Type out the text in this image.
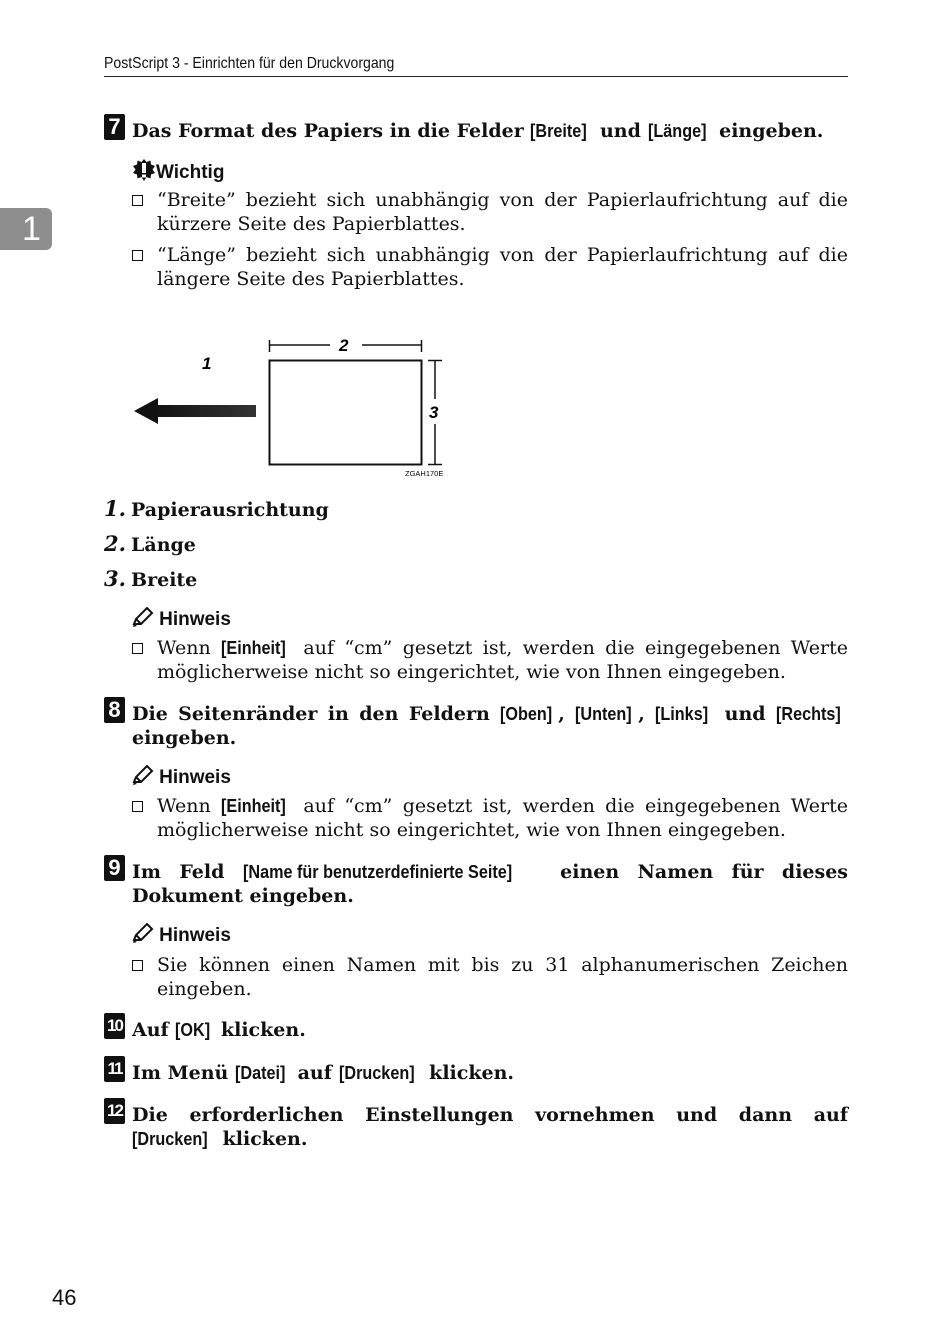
PostScript 3 - Einrichten für den Druckvorgang
1
7 Das Format des Papiers in die Felder [Breite] und [Länge] eingeben.
Wichtig
“Breite” bezieht sich unabhängig von der Papierlaufrichtung auf die kürzere Seite des Papierblattes.
“Länge” bezieht sich unabhängig von der Papierlaufrichtung auf die längere Seite des Papierblattes.
1
2
3
ZGAH170E
1. Papierausrichtung
2. Länge
3. Breite
Hinweis
Wenn [Einheit] auf “cm” gesetzt ist, werden die eingegebenen Werte möglicherweise nicht so eingerichtet, wie von Ihnen eingegeben.
8 Die Seitenränder in den Feldern [Oben] , [Unten] , [Links] und [Rechts] eingeben.
Hinweis
Wenn [Einheit] auf “cm” gesetzt ist, werden die eingegebenen Werte möglicherweise nicht so eingerichtet, wie von Ihnen eingegeben.
9 Im Feld [Name für benutzerdefinierte Seite] einen Namen für dieses Dokument eingeben.
Hinweis
Sie können einen Namen mit bis zu 31 alphanumerischen Zeichen eingeben.
10 Auf [OK] klicken.
11 Im Menü [Datei] auf [Drucken] klicken.
12 Die erforderlichen Einstellungen vornehmen und dann auf [Drucken] klicken.
46
